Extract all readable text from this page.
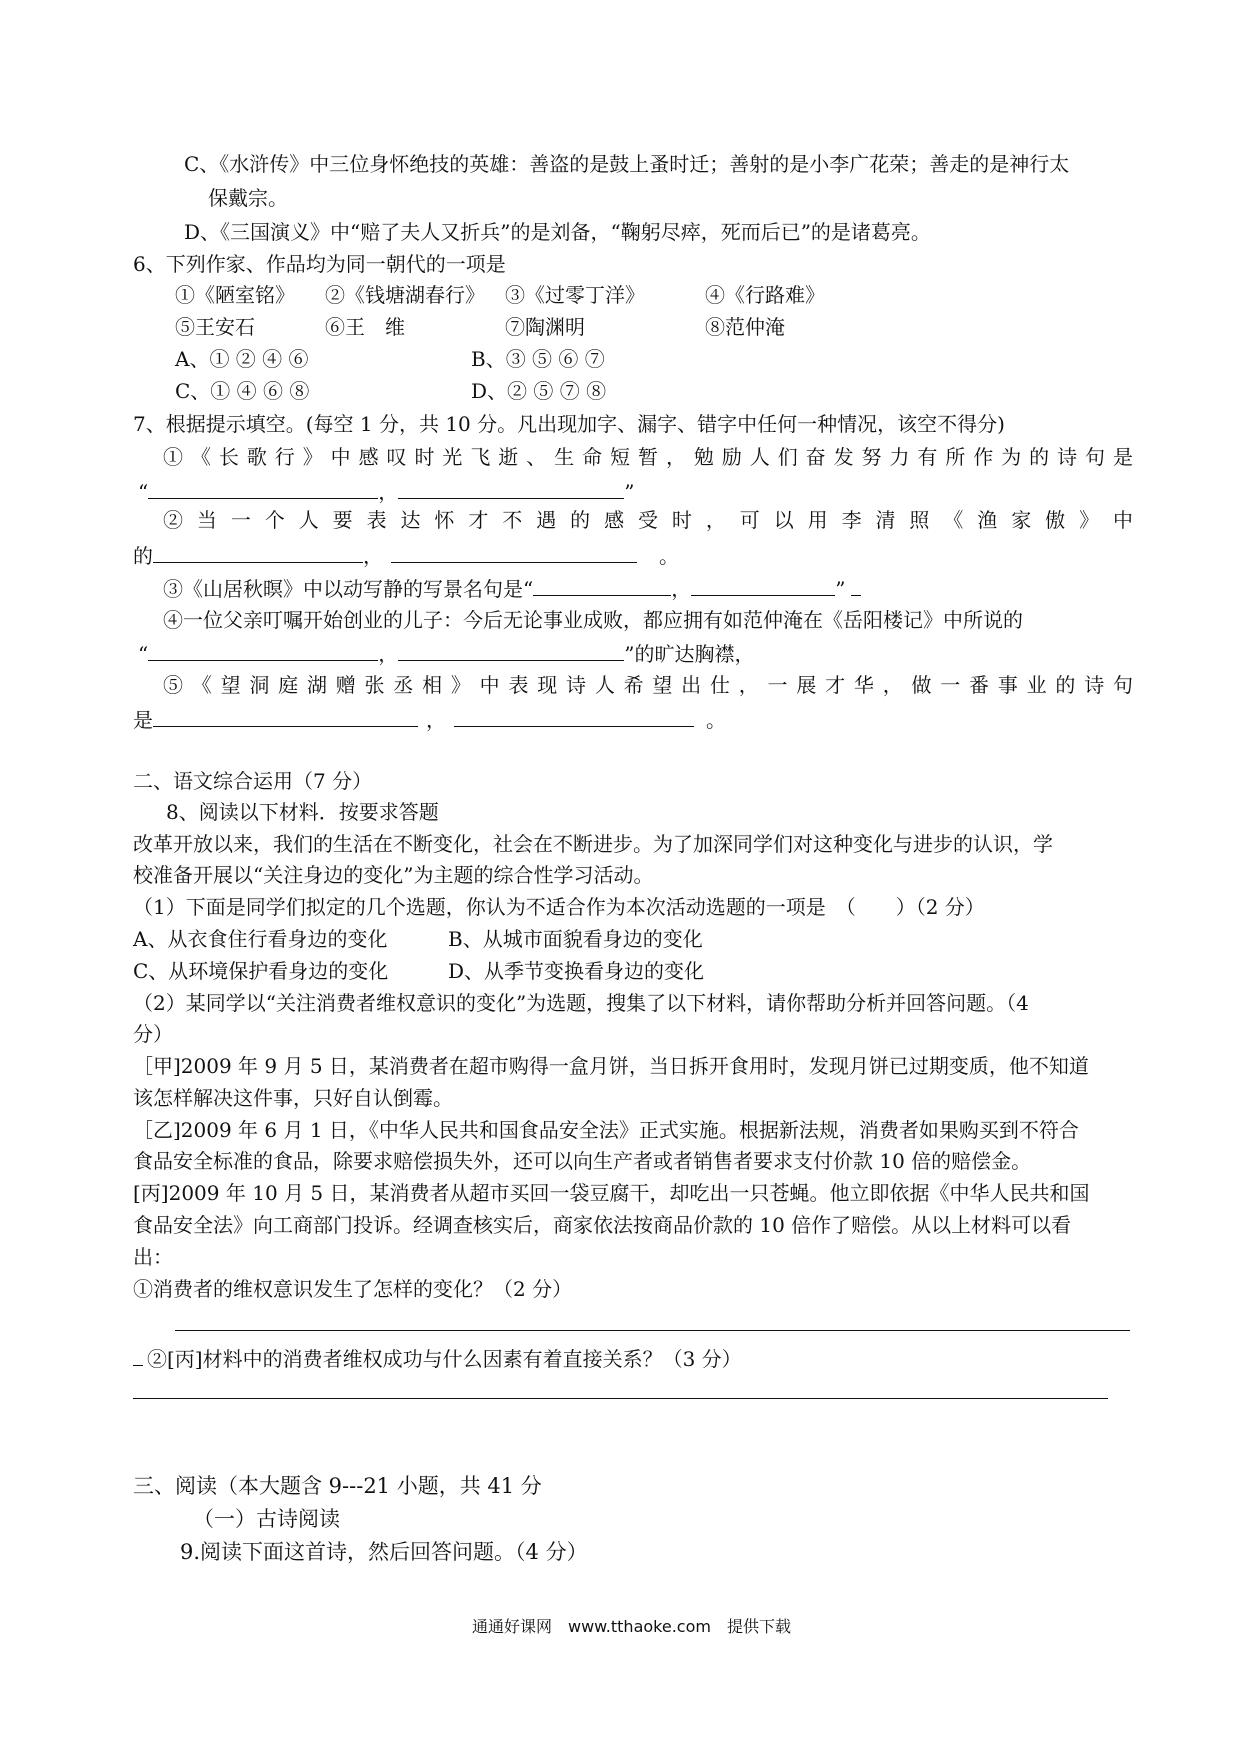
C、《水浒传》中三位身怀绝技的英雄：善盗的是鼓上蚤时迁；善射的是小李广花荣；善走的是神行太
保戴宗。
D、《三国演义》中“赔了夫人又折兵”的是刘备，“鞠躬尽瘁，死而后已”的是诸葛亮。
6、下列作家、作品均为同一朝代的一项是
①《陋室铭》 ②《钱塘湖春行》 ③《过零丁洋》	④《行路难》
⑤王安石	⑥王　维	⑦陶渊明	⑧范仲淹
A、① ② ④ ⑥	B、③ ⑤ ⑥ ⑦
C、① ④ ⑥ ⑧	D、② ⑤ ⑦ ⑧
7、根据提示填空。(每空 1 分，共 10 分。凡出现加字、漏字、错字中任何一种情况，该空不得分)
①《长歌行》中感叹时光飞逝、生命短暂，勉励人们奋发努力有所作为的诗句是
“	，	”
②当一个人要表达怀才不遇的感受时，可以用李清照《渔家傲》中
的	，	。
③《山居秋暝》中以动写静的写景名句是“	，	”
④一位父亲叮嘱开始创业的儿子：今后无论事业成败，都应拥有如范仲淹在《岳阳楼记》中所说的
“	，	”的旷达胸襟，
⑤《望洞庭湖赠张丞相》中表现诗人希望出仕，一展才华，做一番事业的诗句
是	，	。
二、语文综合运用（7 分）
8、阅读以下材料．按要求答题
改革开放以来，我们的生活在不断变化，社会在不断进步。为了加深同学们对这种变化与进步的认识，学
校准备开展以“关注身边的变化”为主题的综合性学习活动。
（1）下面是同学们拟定的几个选题，你认为不适合作为本次活动选题的一项是　（　　）（2 分）
A、从衣食住行看身边的变化	B、从城市面貌看身边的变化
C、从环境保护看身边的变化	D、从季节变换看身边的变化
（2）某同学以“关注消费者维权意识的变化”为选题，搜集了以下材料，请你帮助分析并回答问题。（4
分）
［甲]2009 年 9 月 5 日，某消费者在超市购得一盒月饼，当日拆开食用时，发现月饼已过期变质，他不知道
该怎样解决这件事，只好自认倒霉。
［乙]2009 年 6 月 1 日，《中华人民共和国食品安全法》正式实施。根据新法规，消费者如果购买到不符合
食品安全标准的食品，除要求赔偿损失外，还可以向生产者或者销售者要求支付价款 10 倍的赔偿金。
[丙]2009 年 10 月 5 日，某消费者从超市买回一袋豆腐干，却吃出一只苍蝇。他立即依据《中华人民共和国
食品安全法》向工商部门投诉。经调查核实后，商家依法按商品价款的 10 倍作了赔偿。从以上材料可以看
出：
①消费者的维权意识发生了怎样的变化？（2 分）
②[丙]材料中的消费者维权成功与什么因素有着直接关系？（3 分）
三、阅读（本大题含 9---21 小题，共 41 分
（一）古诗阅读
9.阅读下面这首诗，然后回答问题。（4 分）
通通好课网　www.tthaoke.com　提供下载
